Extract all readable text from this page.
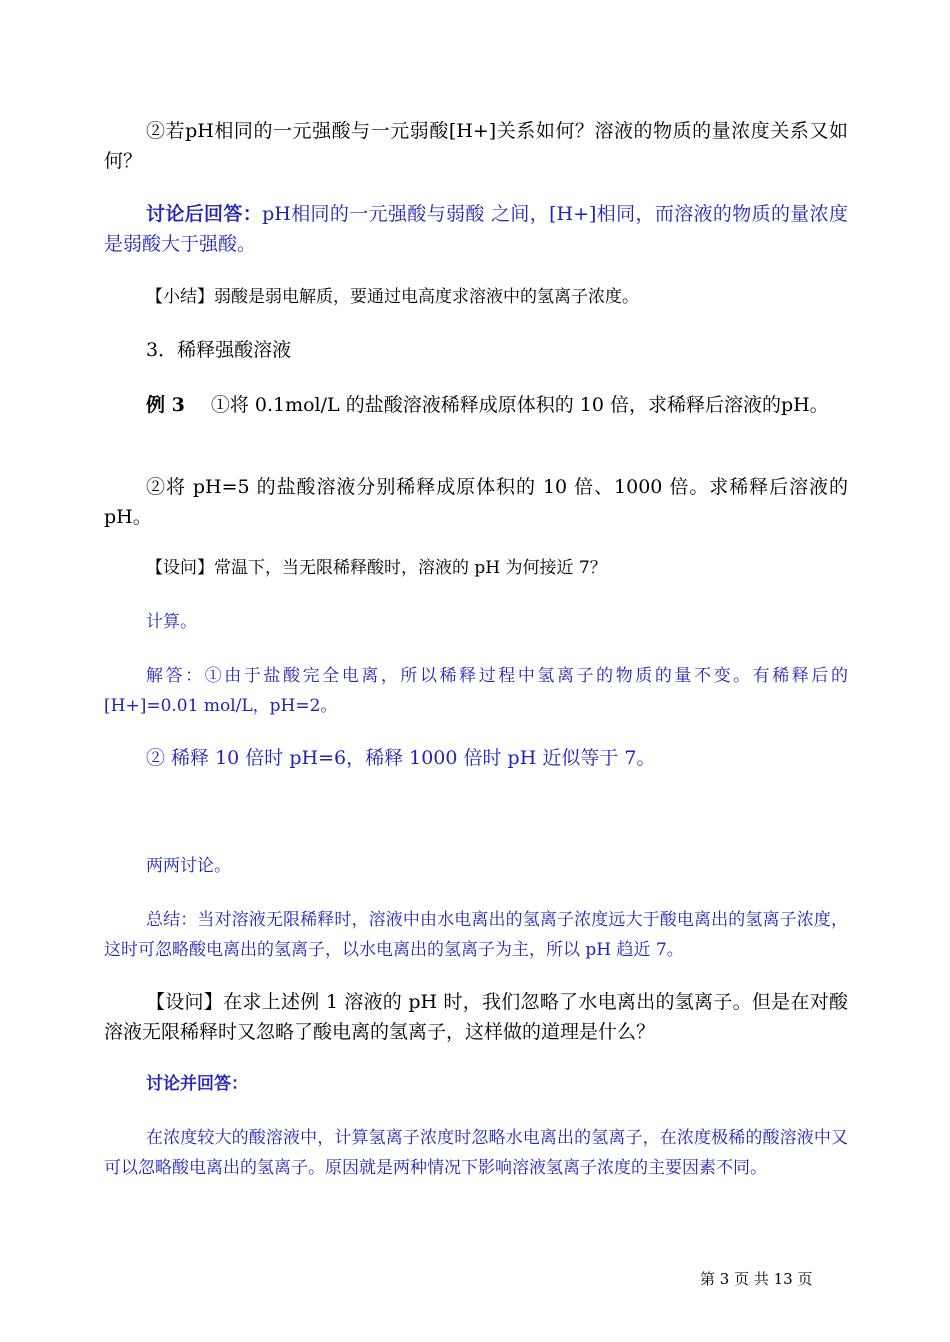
②若pH相同的一元强酸与一元弱酸[H+]关系如何？溶液的物质的量浓度关系又如何？

讨论后回答：pH相同的一元强酸与弱酸 之间，[H+]相同，而溶液的物质的量浓度是弱酸大于强酸。

【小结】弱酸是弱电解质，要通过电高度求溶液中的氢离子浓度。

3．稀释强酸溶液

例 3 ①将 0.1mol/L 的盐酸溶液稀释成原体积的 10 倍，求稀释后溶液的pH。

②将 pH=5 的盐酸溶液分别稀释成原体积的 10 倍、1000 倍。求稀释后溶液的 pH。

【设问】常温下，当无限稀释酸时，溶液的 pH 为何接近 7？

计算。

解答：①由于盐酸完全电离，所以稀释过程中氢离子的物质的量不变。有稀释后的[H+]=0.01 mol/L，pH=2。

② 稀释 10 倍时 pH=6，稀释 1000 倍时 pH 近似等于 7。

两两讨论。

总结：当对溶液无限稀释时，溶液中由水电离出的氢离子浓度远大于酸电离出的氢离子浓度，这时可忽略酸电离出的氢离子，以水电离出的氢离子为主，所以 pH 趋近 7。

【设问】在求上述例 1 溶液的 pH 时，我们忽略了水电离出的氢离子。但是在对酸溶液无限稀释时又忽略了酸电离的氢离子，这样做的道理是什么？

讨论并回答：

在浓度较大的酸溶液中，计算氢离子浓度时忽略水电离出的氢离子，在浓度极稀的酸溶液中又可以忽略酸电离出的氢离子。原因就是两种情况下影响溶液氢离子浓度的主要因素不同。

第 3 页 共 13 页
